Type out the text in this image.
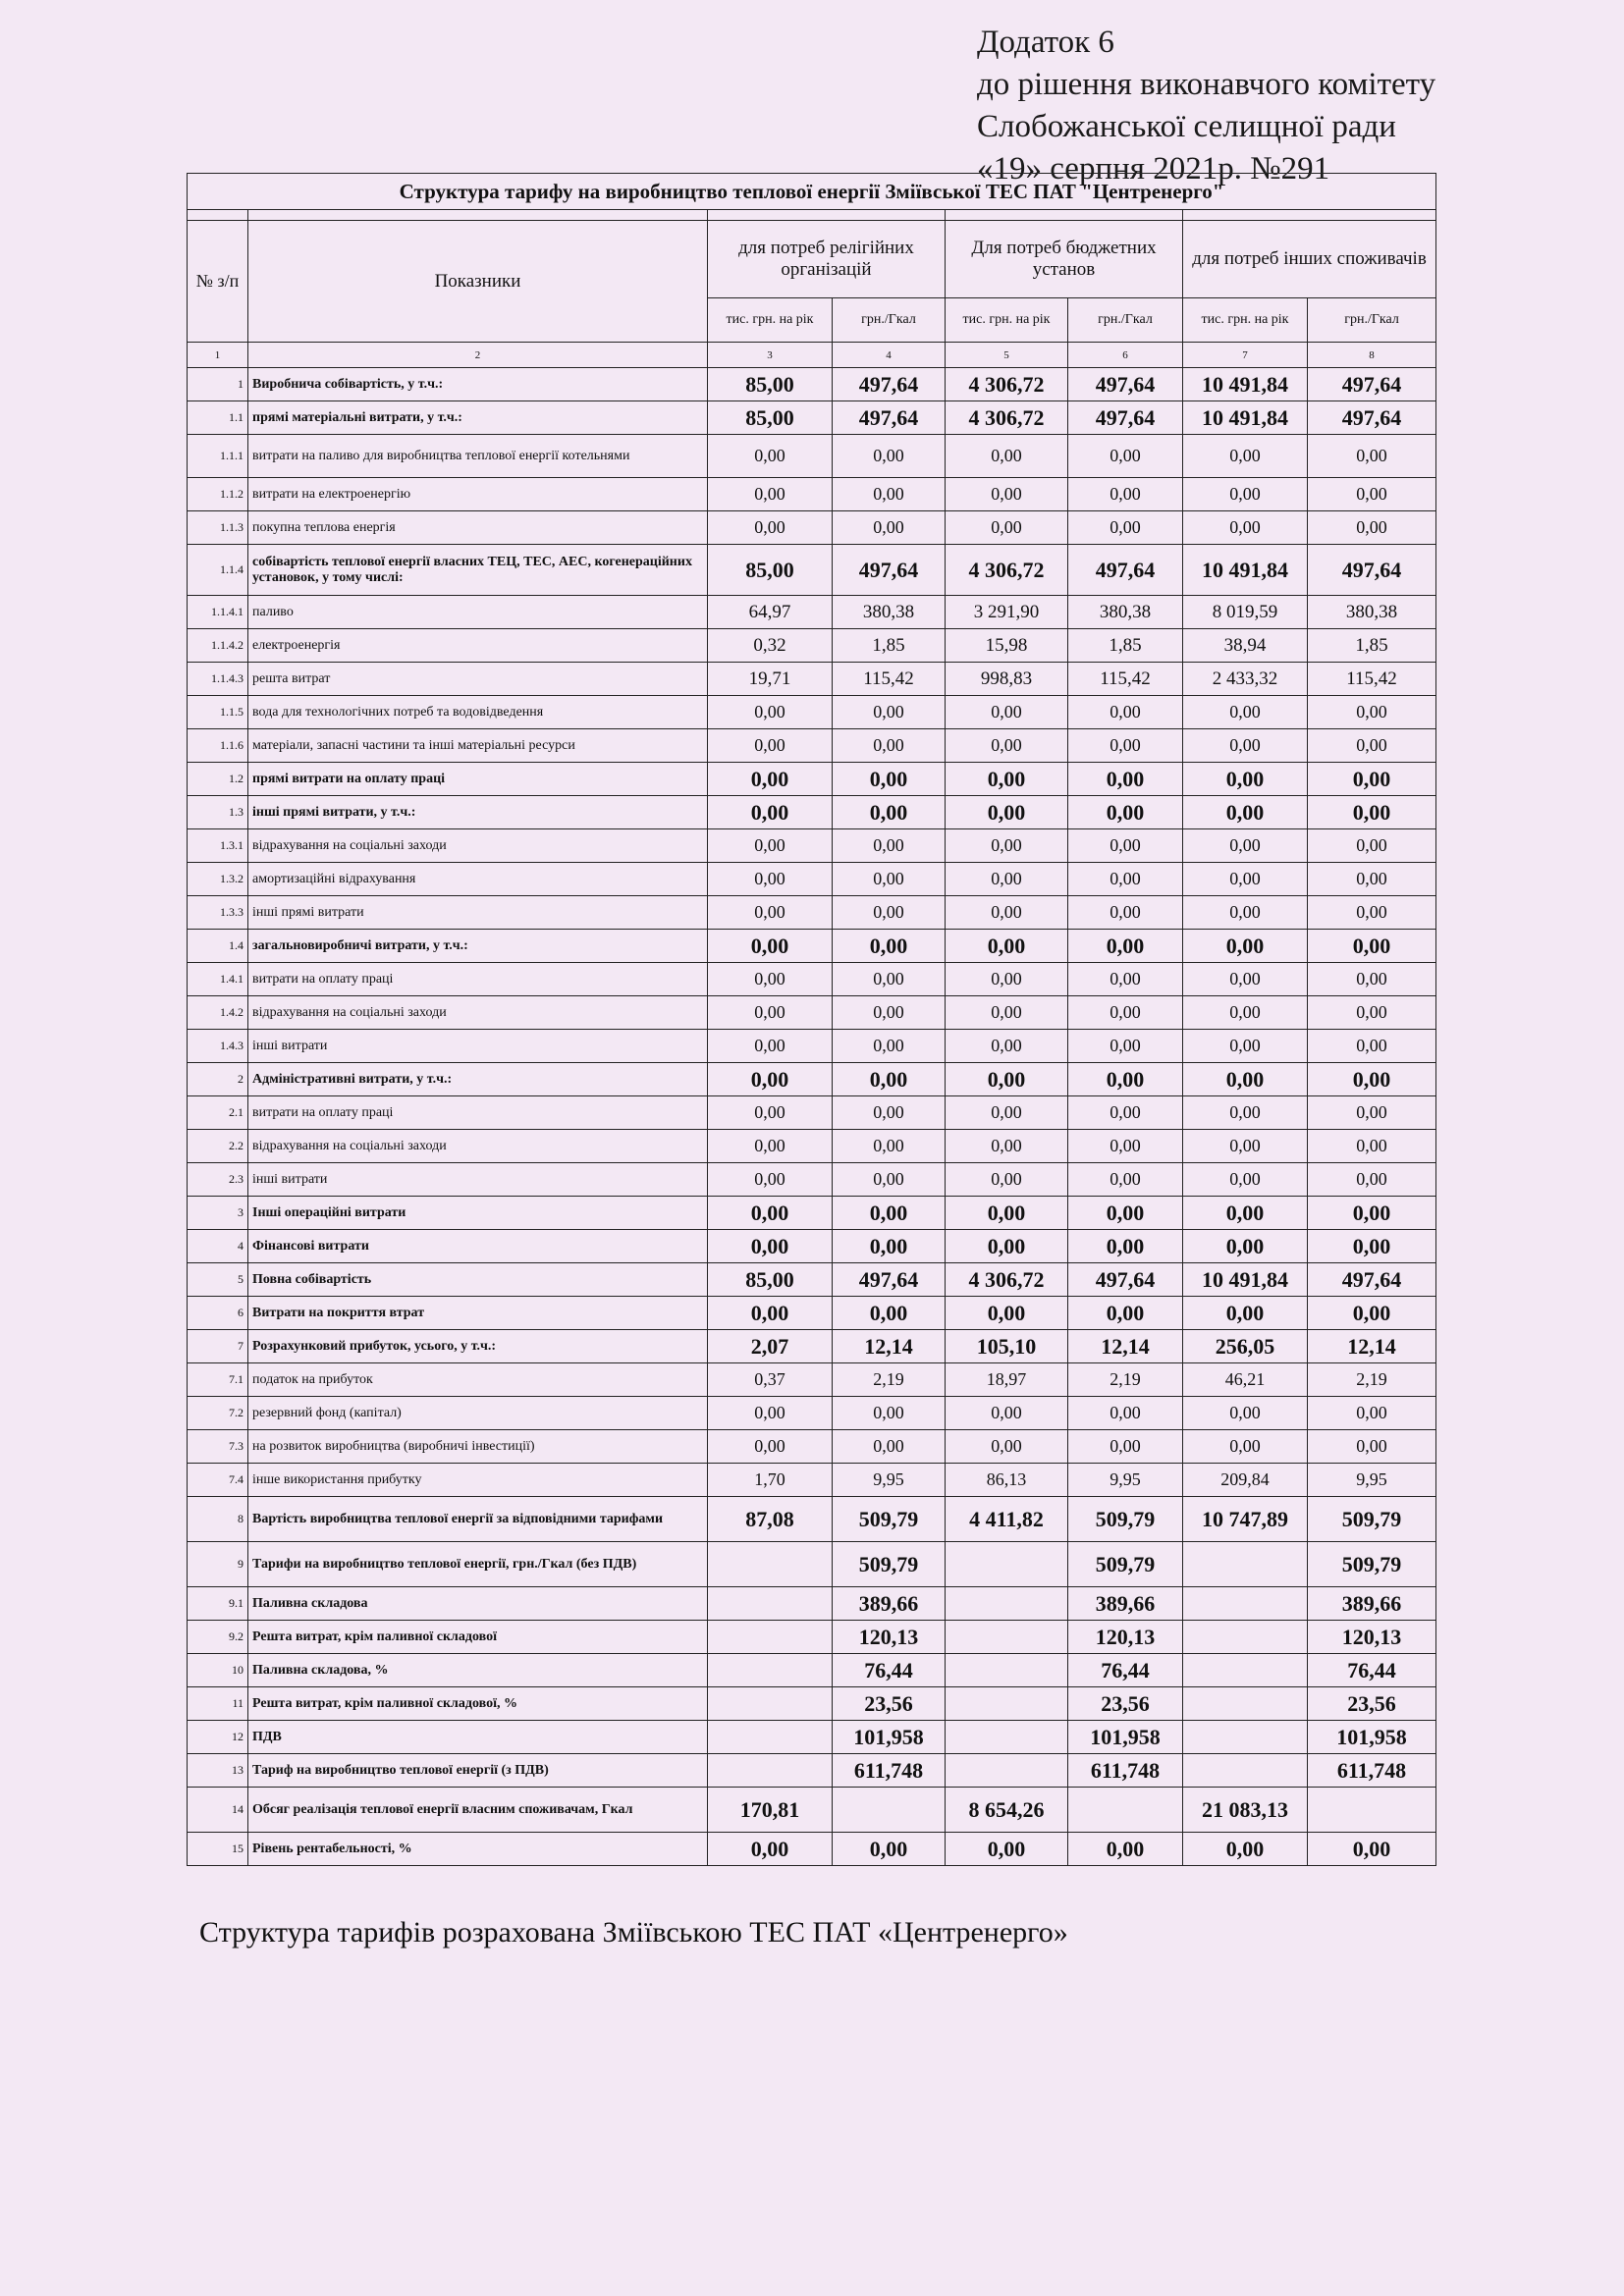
Додаток 6
до рішення виконавчого комітету
Слобожанської селищної ради
«19» серпня 2021р. №291
Структура тарифу на виробництво теплової енергії Зміївської ТЕС ПАТ "Центренерго"							

№ з/п	Показники	для потреб релігійних організацій		Для потреб бюджетних установ		для потреб інших споживачів	
		тис. грн. на рік	грн./Гкал	тис. грн. на рік	грн./Гкал	тис. грн. на рік	грн./Гкал
1	2	3	4	5	6	7	8
1	Виробнича собівартість, у т.ч.:	85,00	497,64	4 306,72	497,64	10 491,84	497,64
1.1	прямі матеріальні витрати, у т.ч.:	85,00	497,64	4 306,72	497,64	10 491,84	497,64
1.1.1	витрати на паливо для виробництва теплової енергії котельнями	0,00	0,00	0,00	0,00	0,00	0,00
1.1.2	витрати на електроенергію	0,00	0,00	0,00	0,00	0,00	0,00
1.1.3	покупна теплова енергія	0,00	0,00	0,00	0,00	0,00	0,00
1.1.4	собівартість теплової енергії власних ТЕЦ, ТЕС, АЕС, когенераційних установок, у тому числі:	85,00	497,64	4 306,72	497,64	10 491,84	497,64
1.1.4.1	паливо	64,97	380,38	3 291,90	380,38	8 019,59	380,38
1.1.4.2	електроенергія	0,32	1,85	15,98	1,85	38,94	1,85
1.1.4.3	решта витрат	19,71	115,42	998,83	115,42	2 433,32	115,42
1.1.5	вода для технологічних потреб та водовідведення	0,00	0,00	0,00	0,00	0,00	0,00
1.1.6	матеріали, запасні частини та інші матеріальні ресурси	0,00	0,00	0,00	0,00	0,00	0,00
1.2	прямі витрати на оплату праці	0,00	0,00	0,00	0,00	0,00	0,00
1.3	інші прямі витрати, у т.ч.:	0,00	0,00	0,00	0,00	0,00	0,00
1.3.1	відрахування на соціальні заходи	0,00	0,00	0,00	0,00	0,00	0,00
1.3.2	амортизаційні відрахування	0,00	0,00	0,00	0,00	0,00	0,00
1.3.3	інші прямі витрати	0,00	0,00	0,00	0,00	0,00	0,00
1.4	загальновиробничі витрати, у т.ч.:	0,00	0,00	0,00	0,00	0,00	0,00
1.4.1	витрати на оплату праці	0,00	0,00	0,00	0,00	0,00	0,00
1.4.2	відрахування на соціальні заходи	0,00	0,00	0,00	0,00	0,00	0,00
1.4.3	інші витрати	0,00	0,00	0,00	0,00	0,00	0,00
2	Адміністративні витрати, у т.ч.:	0,00	0,00	0,00	0,00	0,00	0,00
2.1	витрати на оплату праці	0,00	0,00	0,00	0,00	0,00	0,00
2.2	відрахування на соціальні заходи	0,00	0,00	0,00	0,00	0,00	0,00
2.3	інші витрати	0,00	0,00	0,00	0,00	0,00	0,00
3	Інші операційні витрати	0,00	0,00	0,00	0,00	0,00	0,00
4	Фінансові витрати	0,00	0,00	0,00	0,00	0,00	0,00
5	Повна собівартість	85,00	497,64	4 306,72	497,64	10 491,84	497,64
6	Витрати на покриття втрат	0,00	0,00	0,00	0,00	0,00	0,00
7	Розрахунковий прибуток, усього, у т.ч.:	2,07	12,14	105,10	12,14	256,05	12,14
7.1	податок на прибуток	0,37	2,19	18,97	2,19	46,21	2,19
7.2	резервний фонд (капітал)	0,00	0,00	0,00	0,00	0,00	0,00
7.3	на розвиток виробництва (виробничі інвестиції)	0,00	0,00	0,00	0,00	0,00	0,00
7.4	інше використання прибутку	1,70	9,95	86,13	9,95	209,84	9,95
8	Вартість виробництва теплової енергії за відповідними тарифами	87,08	509,79	4 411,82	509,79	10 747,89	509,79
9	Тарифи на виробництво теплової енергії, грн./Гкал (без ПДВ)		509,79		509,79		509,79
9.1	Паливна складова		389,66		389,66		389,66
9.2	Решта витрат, крім паливної складової		120,13		120,13		120,13
10	Паливна складова, %		76,44		76,44		76,44
11	Решта витрат, крім паливної складової, %		23,56		23,56		23,56
12	ПДВ		101,958		101,958		101,958
13	Тариф на виробництво теплової енергії (з ПДВ)		611,748		611,748		611,748
14	Обсяг реалізація теплової енергії власним споживачам, Гкал	170,81		8 654,26		21 083,13	
15	Рівень рентабельності, %	0,00	0,00	0,00	0,00	0,00	0,00
Структура тарифів розрахована Зміївською ТЕС ПАТ «Центренерго»
